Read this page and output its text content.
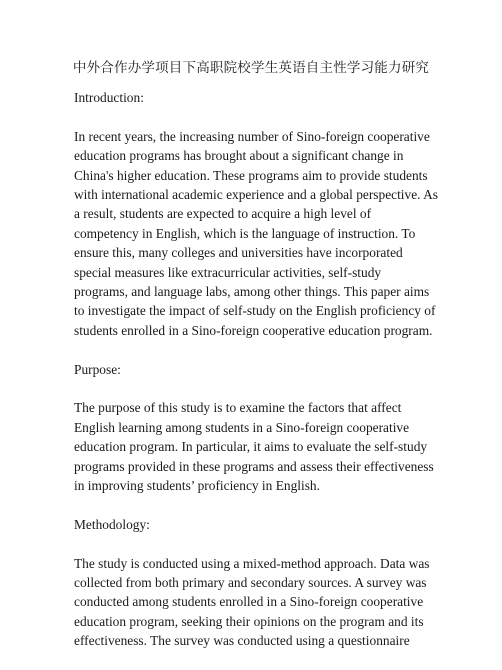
中外合作办学项目下高职院校学生英语自主性学习能力研究

Introduction:

In recent years, the increasing number of Sino-foreign cooperative education programs has brought about a significant change in China's higher education. These programs aim to provide students with international academic experience and a global perspective. As a result, students are expected to acquire a high level of competency in English, which is the language of instruction. To ensure this, many colleges and universities have incorporated special measures like extracurricular activities, self-study programs, and language labs, among other things. This paper aims to investigate the impact of self-study on the English proficiency of students enrolled in a Sino-foreign cooperative education program.

Purpose:

The purpose of this study is to examine the factors that affect English learning among students in a Sino-foreign cooperative education program. In particular, it aims to evaluate the self-study programs provided in these programs and assess their effectiveness in improving students’ proficiency in English.

Methodology:

The study is conducted using a mixed-method approach. Data was collected from both primary and secondary sources. A survey was conducted among students enrolled in a Sino-foreign cooperative education program, seeking their opinions on the program and its effectiveness. The survey was conducted using a questionnaire
